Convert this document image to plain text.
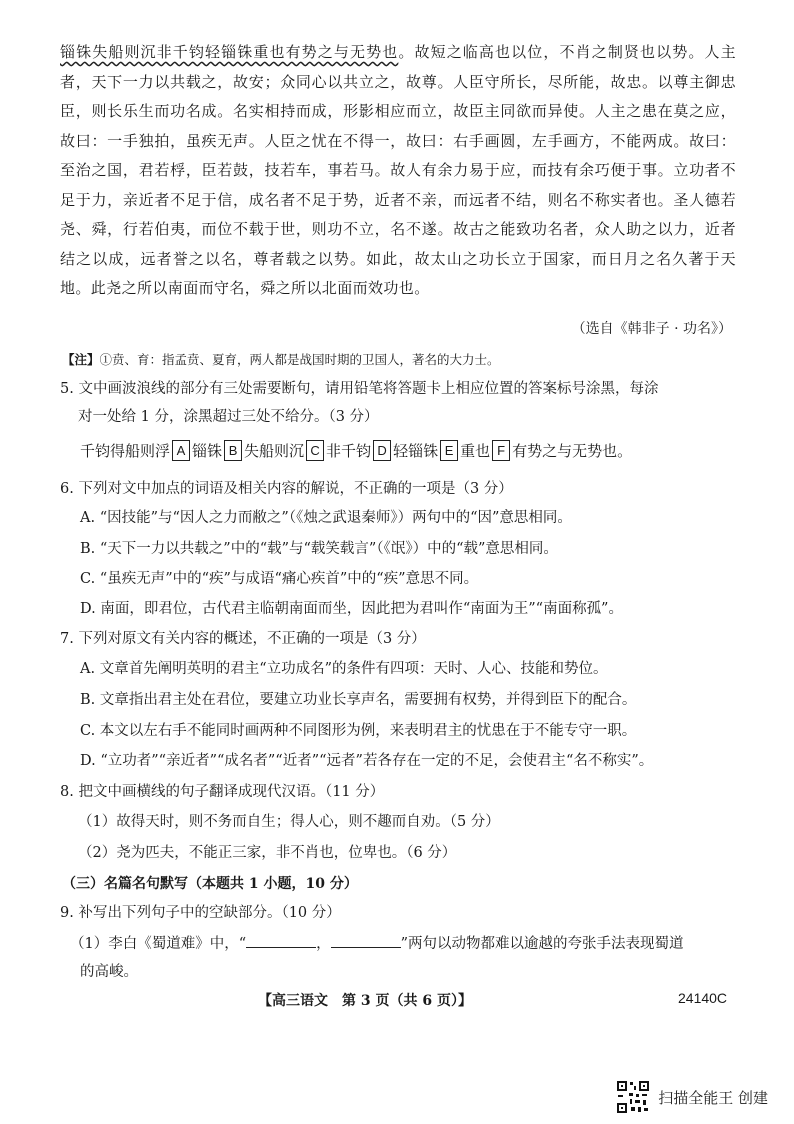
锱铢失船则沉非千钧轻锱铢重也有势之与无势也。故短之临高也以位，不肖之制贤也以势。人主者，天下一力以共载之，故安；众同心以共立之，故尊。人臣守所长，尽所能，故忠。以尊主御忠臣，则长乐生而功名成。名实相持而成，形影相应而立，故臣主同欲而异使。人主之患在莫之应，故曰：一手独拍，虽疾无声。人臣之忧在不得一，故曰：右手画圆，左手画方，不能两成。故曰：至治之国，君若桴，臣若鼓，技若车，事若马。故人有余力易于应，而技有余巧便于事。立功者不足于力，亲近者不足于信，成名者不足于势，近者不亲，而远者不结，则名不称实者也。圣人德若尧、舜，行若伯夷，而位不载于世，则功不立，名不遂。故古之能致功名者，众人助之以力，近者结之以成，远者誉之以名，尊者载之以势。如此，故太山之功长立于国家，而日月之名久著于天地。此尧之所以南面而守名，舜之所以北面而效功也。
（选自《韩非子 · 功名》）
【注】①贲、育：指孟贲、夏育，两人都是战国时期的卫国人，著名的大力士。
5. 文中画波浪线的部分有三处需要断句，请用铅笔将答题卡上相应位置的答案标号涂黑，每涂
对一处给 1 分，涂黑超过三处不给分。（3 分）
千钧得船则浮 A 锱铢 B 失船则沉 C 非千钧 D 轻锱铢 E 重也 F 有势之与无势也。
6. 下列对文中加点的词语及相关内容的解说，不正确的一项是（3 分）
A. “因技能”与“因人之力而敝之”（《烛之武退秦师》）两句中的“因”意思相同。
B. “天下一力以共载之”中的“载”与“载笑载言”（《氓》）中的“载”意思相同。
C. “虽疾无声”中的“疾”与成语“痛心疾首”中的“疾”意思不同。
D. 南面，即君位，古代君主临朝南面而坐，因此把为君叫作“南面为王”“南面称孤”。
7. 下列对原文有关内容的概述，不正确的一项是（3 分）
A. 文章首先阐明英明的君主“立功成名”的条件有四项：天时、人心、技能和势位。
B. 文章指出君主处在君位，要建立功业长享声名，需要拥有权势，并得到臣下的配合。
C. 本文以左右手不能同时画两种不同图形为例，来表明君主的忧患在于不能专守一职。
D. “立功者”“亲近者”“成名者”“近者”“远者”若各存在一定的不足，会使君主“名不称实”。
8. 把文中画横线的句子翻译成现代汉语。（11 分）
（1）故得天时，则不务而自生；得人心，则不趣而自劝。（5 分）
（2）尧为匹夫，不能正三家，非不肖也，位卑也。（6 分）
（三）名篇名句默写（本题共 1 小题，10 分）
9. 补写出下列句子中的空缺部分。（10 分）
（1）李白《蜀道难》中，“	，	”两句以动物都难以逾越的夸张手法表现蜀道
的高峻。
【高三语文　第 3 页（共 6 页）】	24140C
扫描全能王 创建
